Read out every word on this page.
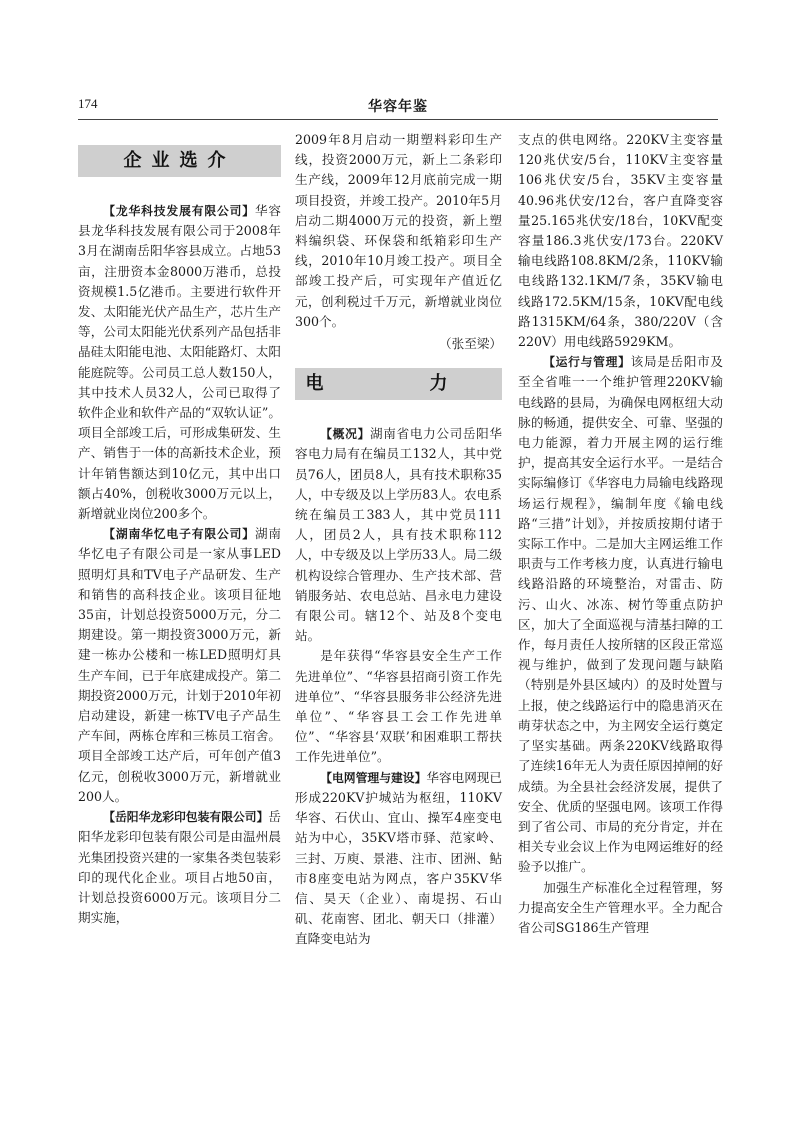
174	华容年鉴
企业选介

【龙华科技发展有限公司】华容县龙华科技发展有限公司于2008年3月在湖南岳阳华容县成立。占地53亩，注册资本金8000万港币，总投资规模1.5亿港币。主要进行软件开发、太阳能光伏产品生产，芯片生产等，公司太阳能光伏系列产品包括非晶硅太阳能电池、太阳能路灯、太阳能庭院等。公司员工总人数150人，其中技术人员32人，公司已取得了软件企业和软件产品的“双软认证”。项目全部竣工后，可形成集研发、生产、销售于一体的高新技术企业，预计年销售额达到10亿元，其中出口额占40%，创税收3000万元以上，新增就业岗位200多个。

【湖南华忆电子有限公司】湖南华忆电子有限公司是一家从事LED照明灯具和TV电子产品研发、生产和销售的高科技企业。该项目征地35亩，计划总投资5000万元，分二期建设。第一期投资3000万元，新建一栋办公楼和一栋LED照明灯具生产车间，已于年底建成投产。第二期投资2000万元，计划于2010年初启动建设，新建一栋TV电子产品生产车间，两栋仓库和三栋员工宿舍。项目全部竣工达产后，可年创产值3亿元，创税收3000万元，新增就业200人。

【岳阳华龙彩印包装有限公司】岳阳华龙彩印包装有限公司是由温州晨光集团投资兴建的一家集各类包装彩印的现代化企业。项目占地50亩，计划总投资6000万元。该项目分二期实施，

2009年8月启动一期塑料彩印生产线，投资2000万元，新上二条彩印生产线，2009年12月底前完成一期项目投资，并竣工投产。2010年5月启动二期4000万元的投资，新上塑料编织袋、环保袋和纸箱彩印生产线，2010年10月竣工投产。项目全部竣工投产后，可实现年产值近亿元，创利税过千万元，新增就业岗位300个。

（张至梁）

电　力

【概况】湖南省电力公司岳阳华容电力局有在编员工132人，其中党员76人，团员8人，具有技术职称35人，中专级及以上学历83人。农电系统在编员工383人，其中党员111人，团员2人，具有技术职称112人，中专级及以上学历33人。局二级机构设综合管理办、生产技术部、营销服务站、农电总站、昌永电力建设有限公司。辖12个、站及8个变电站。

是年获得“华容县安全生产工作先进单位”、“华容县招商引资工作先进单位”、“华容县服务非公经济先进单位”、“华容县工会工作先进单位”、“华容县‘双联’和困难职工帮扶工作先进单位”。

【电网管理与建设】华容电网现已形成220KV护城站为枢纽，110KV华容、石伏山、宜山、操军4座变电站为中心，35KV塔市驿、范家岭、三封、万庾、景港、注市、团洲、鲇市8座变电站为网点，客户35KV华信、昊天（企业）、南堤拐、石山矶、花南窖、团北、朝天口（排灌）直降变电站为

支点的供电网络。220KV主变容量120兆伏安/5台，110KV主变容量106兆伏安/5台，35KV主变容量40.96兆伏安/12台，客户直降变容量25.165兆伏安/18台，10KV配变容量186.3兆伏安/173台。220KV输电线路108.8KM/2条，110KV输电线路132.1KM/7条，35KV输电线路172.5KM/15条，10KV配电线路1315KM/64条，380/220V（含220V）用电线路5929KM。

【运行与管理】该局是岳阳市及至全省唯一一个维护管理220KV输电线路的县局，为确保电网枢纽大动脉的畅通，提供安全、可靠、坚强的电力能源，着力开展主网的运行维护，提高其安全运行水平。一是结合实际编修订《华容电力局输电线路现场运行规程》，编制年度《输电线路“三措”计划》，并按质按期付诸于实际工作中。二是加大主网运维工作职责与工作考核力度，认真进行输电线路沿路的环境整治，对雷击、防污、山火、冰冻、树竹等重点防护区，加大了全面巡视与清基扫障的工作，每月责任人按所辖的区段正常巡视与维护，做到了发现问题与缺陷（特别是外县区域内）的及时处置与上报，使之线路运行中的隐患消灭在萌芽状态之中，为主网安全运行奠定了坚实基础。两条220KV线路取得了连续16年无人为责任原因掉闸的好成绩。为全县社会经济发展，提供了安全、优质的坚强电网。该项工作得到了省公司、市局的充分肯定，并在相关专业会议上作为电网运维好的经验予以推广。

加强生产标准化全过程管理，努力提高安全生产管理水平。全力配合省公司SG186生产管理
